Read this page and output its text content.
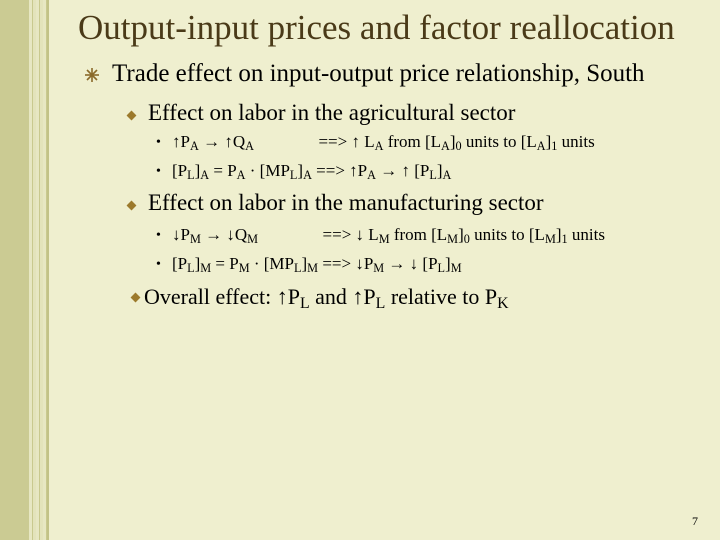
Output-input prices and factor reallocation
Trade effect on input-output price relationship, South
Effect on labor in the agricultural sector
• $↑P_A$ → $↑Q_A$	==> ↑ $L_A$ from $[L_A]_0$ units to $[L_A]_1$ units
• $[P_L]_A = P_A \cdot [MP_L]_A$ ==> $↑P_A$ → ↑ $[P_L]_A$
Effect on labor in the manufacturing sector
• $↓P_M$ → $↓Q_M$	==> ↓ $L_M$ from $[L_M]_0$ units to $[L_M]_1$ units
• $[P_L]_M = P_M \cdot [MP_L]_M$ ==> $↓P_M$ → ↓ $[P_L]_M$
Overall effect: $↑P_L$ and $↑P_L$ relative to $P_K$
7
